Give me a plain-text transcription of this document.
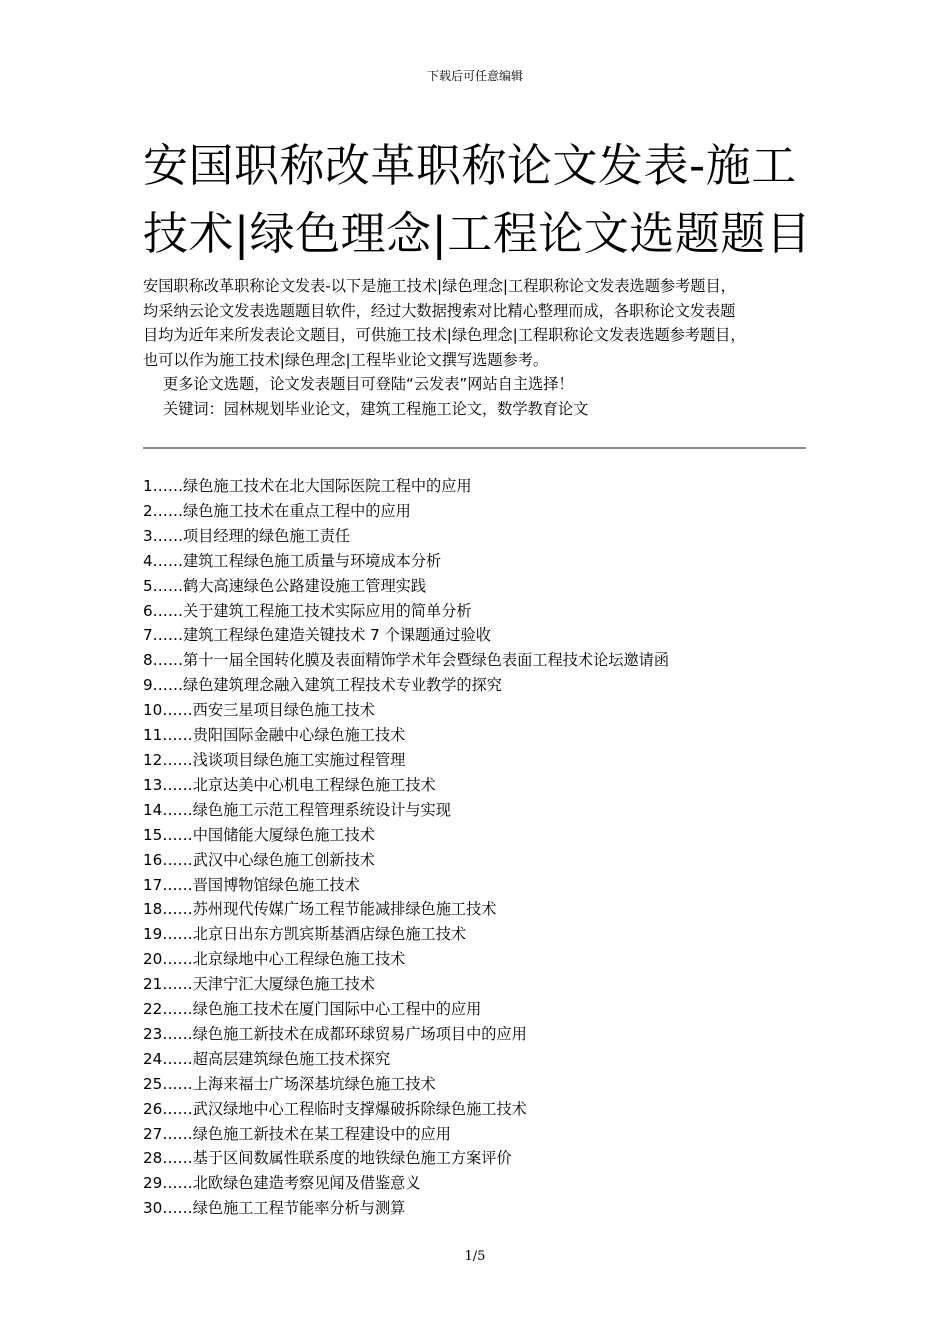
下载后可任意编辑
安国职称改革职称论文发表-施工
技术|绿色理念|工程论文选题题目
安国职称改革职称论文发表-以下是施工技术|绿色理念|工程职称论文发表选题参考题目，
均采纳云论文发表选题题目软件，经过大数据搜索对比精心整理而成，各职称论文发表题
目均为近年来所发表论文题目，可供施工技术|绿色理念|工程职称论文发表选题参考题目，
也可以作为施工技术|绿色理念|工程毕业论文撰写选题参考。
更多论文选题，论文发表题目可登陆“云发表”网站自主选择！
关键词：园林规划毕业论文，建筑工程施工论文，数学教育论文
1……绿色施工技术在北大国际医院工程中的应用
2……绿色施工技术在重点工程中的应用
3……项目经理的绿色施工责任
4……建筑工程绿色施工质量与环境成本分析
5……鹤大高速绿色公路建设施工管理实践
6……关于建筑工程施工技术实际应用的简单分析
7……建筑工程绿色建造关键技术 7 个课题通过验收
8……第十一届全国转化膜及表面精饰学术年会暨绿色表面工程技术论坛邀请函
9……绿色建筑理念融入建筑工程技术专业教学的探究
10……西安三星项目绿色施工技术
11……贵阳国际金融中心绿色施工技术
12……浅谈项目绿色施工实施过程管理
13……北京达美中心机电工程绿色施工技术
14……绿色施工示范工程管理系统设计与实现
15……中国储能大厦绿色施工技术
16……武汉中心绿色施工创新技术
17……晋国博物馆绿色施工技术
18……苏州现代传媒广场工程节能减排绿色施工技术
19……北京日出东方凯宾斯基酒店绿色施工技术
20……北京绿地中心工程绿色施工技术
21……天津宁汇大厦绿色施工技术
22……绿色施工技术在厦门国际中心工程中的应用
23……绿色施工新技术在成都环球贸易广场项目中的应用
24……超高层建筑绿色施工技术探究
25……上海来福士广场深基坑绿色施工技术
26……武汉绿地中心工程临时支撑爆破拆除绿色施工技术
27……绿色施工新技术在某工程建设中的应用
28……基于区间数属性联系度的地铁绿色施工方案评价
29……北欧绿色建造考察见闻及借鉴意义
30……绿色施工工程节能率分析与测算
1/5
